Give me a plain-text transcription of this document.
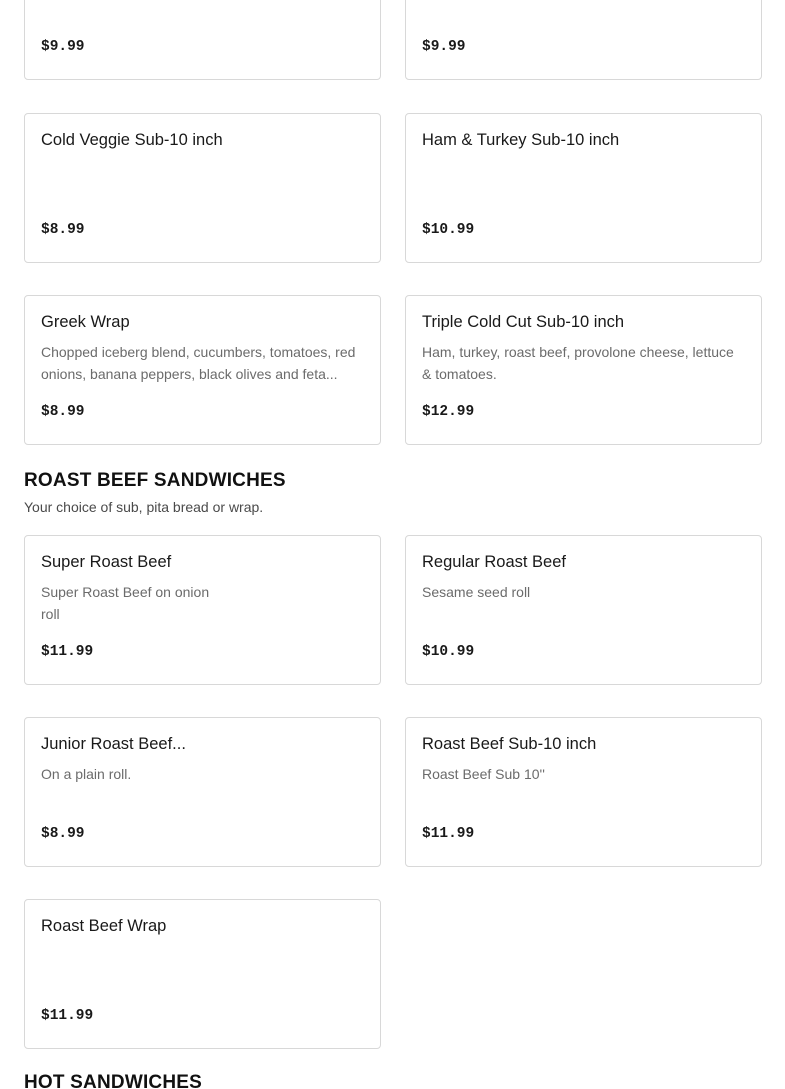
$9.99	$9.99
Cold Veggie Sub-10 inch
$8.99
Ham & Turkey Sub-10 inch
$10.99
Greek Wrap
Chopped iceberg blend, cucumbers, tomatoes, red onions, banana peppers, black olives and feta...
$8.99
Triple Cold Cut Sub-10 inch
Ham, turkey, roast beef, provolone cheese, lettuce & tomatoes.
$12.99
ROAST BEEF SANDWICHES
Your choice of sub, pita bread or wrap.
Super Roast Beef
Super Roast Beef on onion roll
$11.99
Regular Roast Beef
Sesame seed roll
$10.99
Junior Roast Beef...
On a plain roll.
$8.99
Roast Beef Sub-10 inch
Roast Beef Sub 10''
$11.99
Roast Beef Wrap
$11.99
HOT SANDWICHES
